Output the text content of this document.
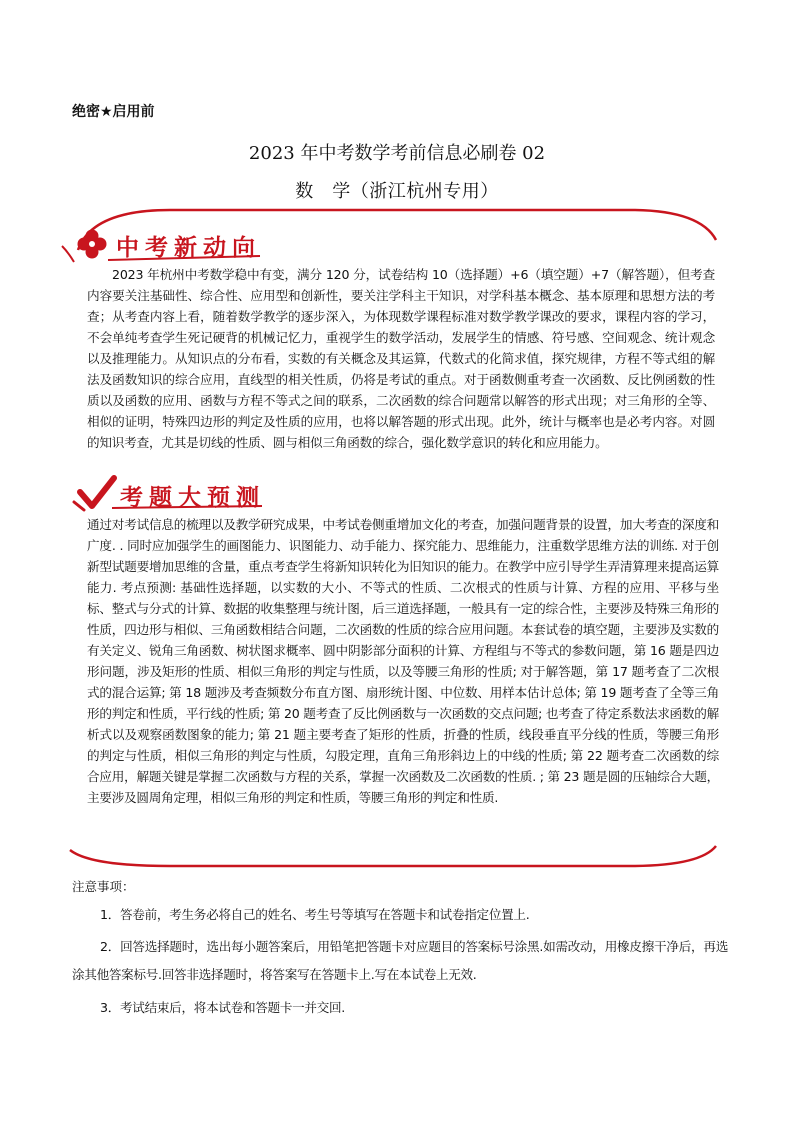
绝密★启用前
2023 年中考数学考前信息必刷卷 02
数　学（浙江杭州专用）
中考新动向
2023 年杭州中考数学稳中有变，满分 120 分，试卷结构 10（选择题）+6（填空题）+7（解答题），但考查内容要关注基础性、综合性、应用型和创新性，要关注学科主干知识，对学科基本概念、基本原理和思想方法的考查；从考查内容上看，随着数学教学的逐步深入，为体现数学课程标准对数学教学课改的要求，课程内容的学习，不会单纯考查学生死记硬背的机械记忆力，重视学生的数学活动，发展学生的情感、符号感、空间观念、统计观念以及推理能力。从知识点的分布看，实数的有关概念及其运算，代数式的化简求值，探究规律，方程不等式组的解法及函数知识的综合应用，直线型的相关性质，仍将是考试的重点。对于函数侧重考查一次函数、反比例函数的性质以及函数的应用、函数与方程不等式之间的联系，二次函数的综合问题常以解答的形式出现；对三角形的全等、相似的证明，特殊四边形的判定及性质的应用，也将以解答题的形式出现。此外，统计与概率也是必考内容。对圆的知识考查，尤其是切线的性质、圆与相似三角函数的综合，强化数学意识的转化和应用能力。
考题大预测
通过对考试信息的梳理以及教学研究成果，中考试卷侧重增加文化的考查，加强问题背景的设置，加大考查的深度和广度. . 同时应加强学生的画图能力、识图能力、动手能力、探究能力、思维能力，注重数学思维方法的训练. 对于创新型试题要增加思维的含量，重点考查学生将新知识转化为旧知识的能力。在教学中应引导学生弄清算理来提高运算能力. 考点预测: 基础性选择题，以实数的大小、不等式的性质、二次根式的性质与计算、方程的应用、平移与坐标、整式与分式的计算、数据的收集整理与统计图，后三道选择题，一般具有一定的综合性，主要涉及特殊三角形的性质，四边形与相似、三角函数相结合问题，二次函数的性质的综合应用问题。本套试卷的填空题，主要涉及实数的有关定义、锐角三角函数、树状图求概率、圆中阴影部分面积的计算、方程组与不等式的参数问题，第 16 题是四边形问题，涉及矩形的性质、相似三角形的判定与性质，以及等腰三角形的性质; 对于解答题，第 17 题考查了二次根式的混合运算; 第 18 题涉及考查频数分布直方图、扇形统计图、中位数、用样本估计总体; 第 19 题考查了全等三角形的判定和性质，平行线的性质; 第 20 题考查了反比例函数与一次函数的交点问题; 也考查了待定系数法求函数的解析式以及观察函数图象的能力; 第 21 题主要考查了矩形的性质，折叠的性质，线段垂直平分线的性质，等腰三角形的判定与性质，相似三角形的判定与性质，勾股定理，直角三角形斜边上的中线的性质; 第 22 题考查二次函数的综合应用，解题关键是掌握二次函数与方程的关系，掌握一次函数及二次函数的性质. ; 第 23 题是圆的压轴综合大题，主要涉及圆周角定理，相似三角形的判定和性质，等腰三角形的判定和性质.
注意事项：
1．答卷前，考生务必将自己的姓名、考生号等填写在答题卡和试卷指定位置上.
2．回答选择题时，选出每小题答案后，用铅笔把答题卡对应题目的答案标号涂黑.如需改动，用橡皮擦干净后，再选涂其他答案标号.回答非选择题时，将答案写在答题卡上.写在本试卷上无效.
3．考试结束后，将本试卷和答题卡一并交回.
